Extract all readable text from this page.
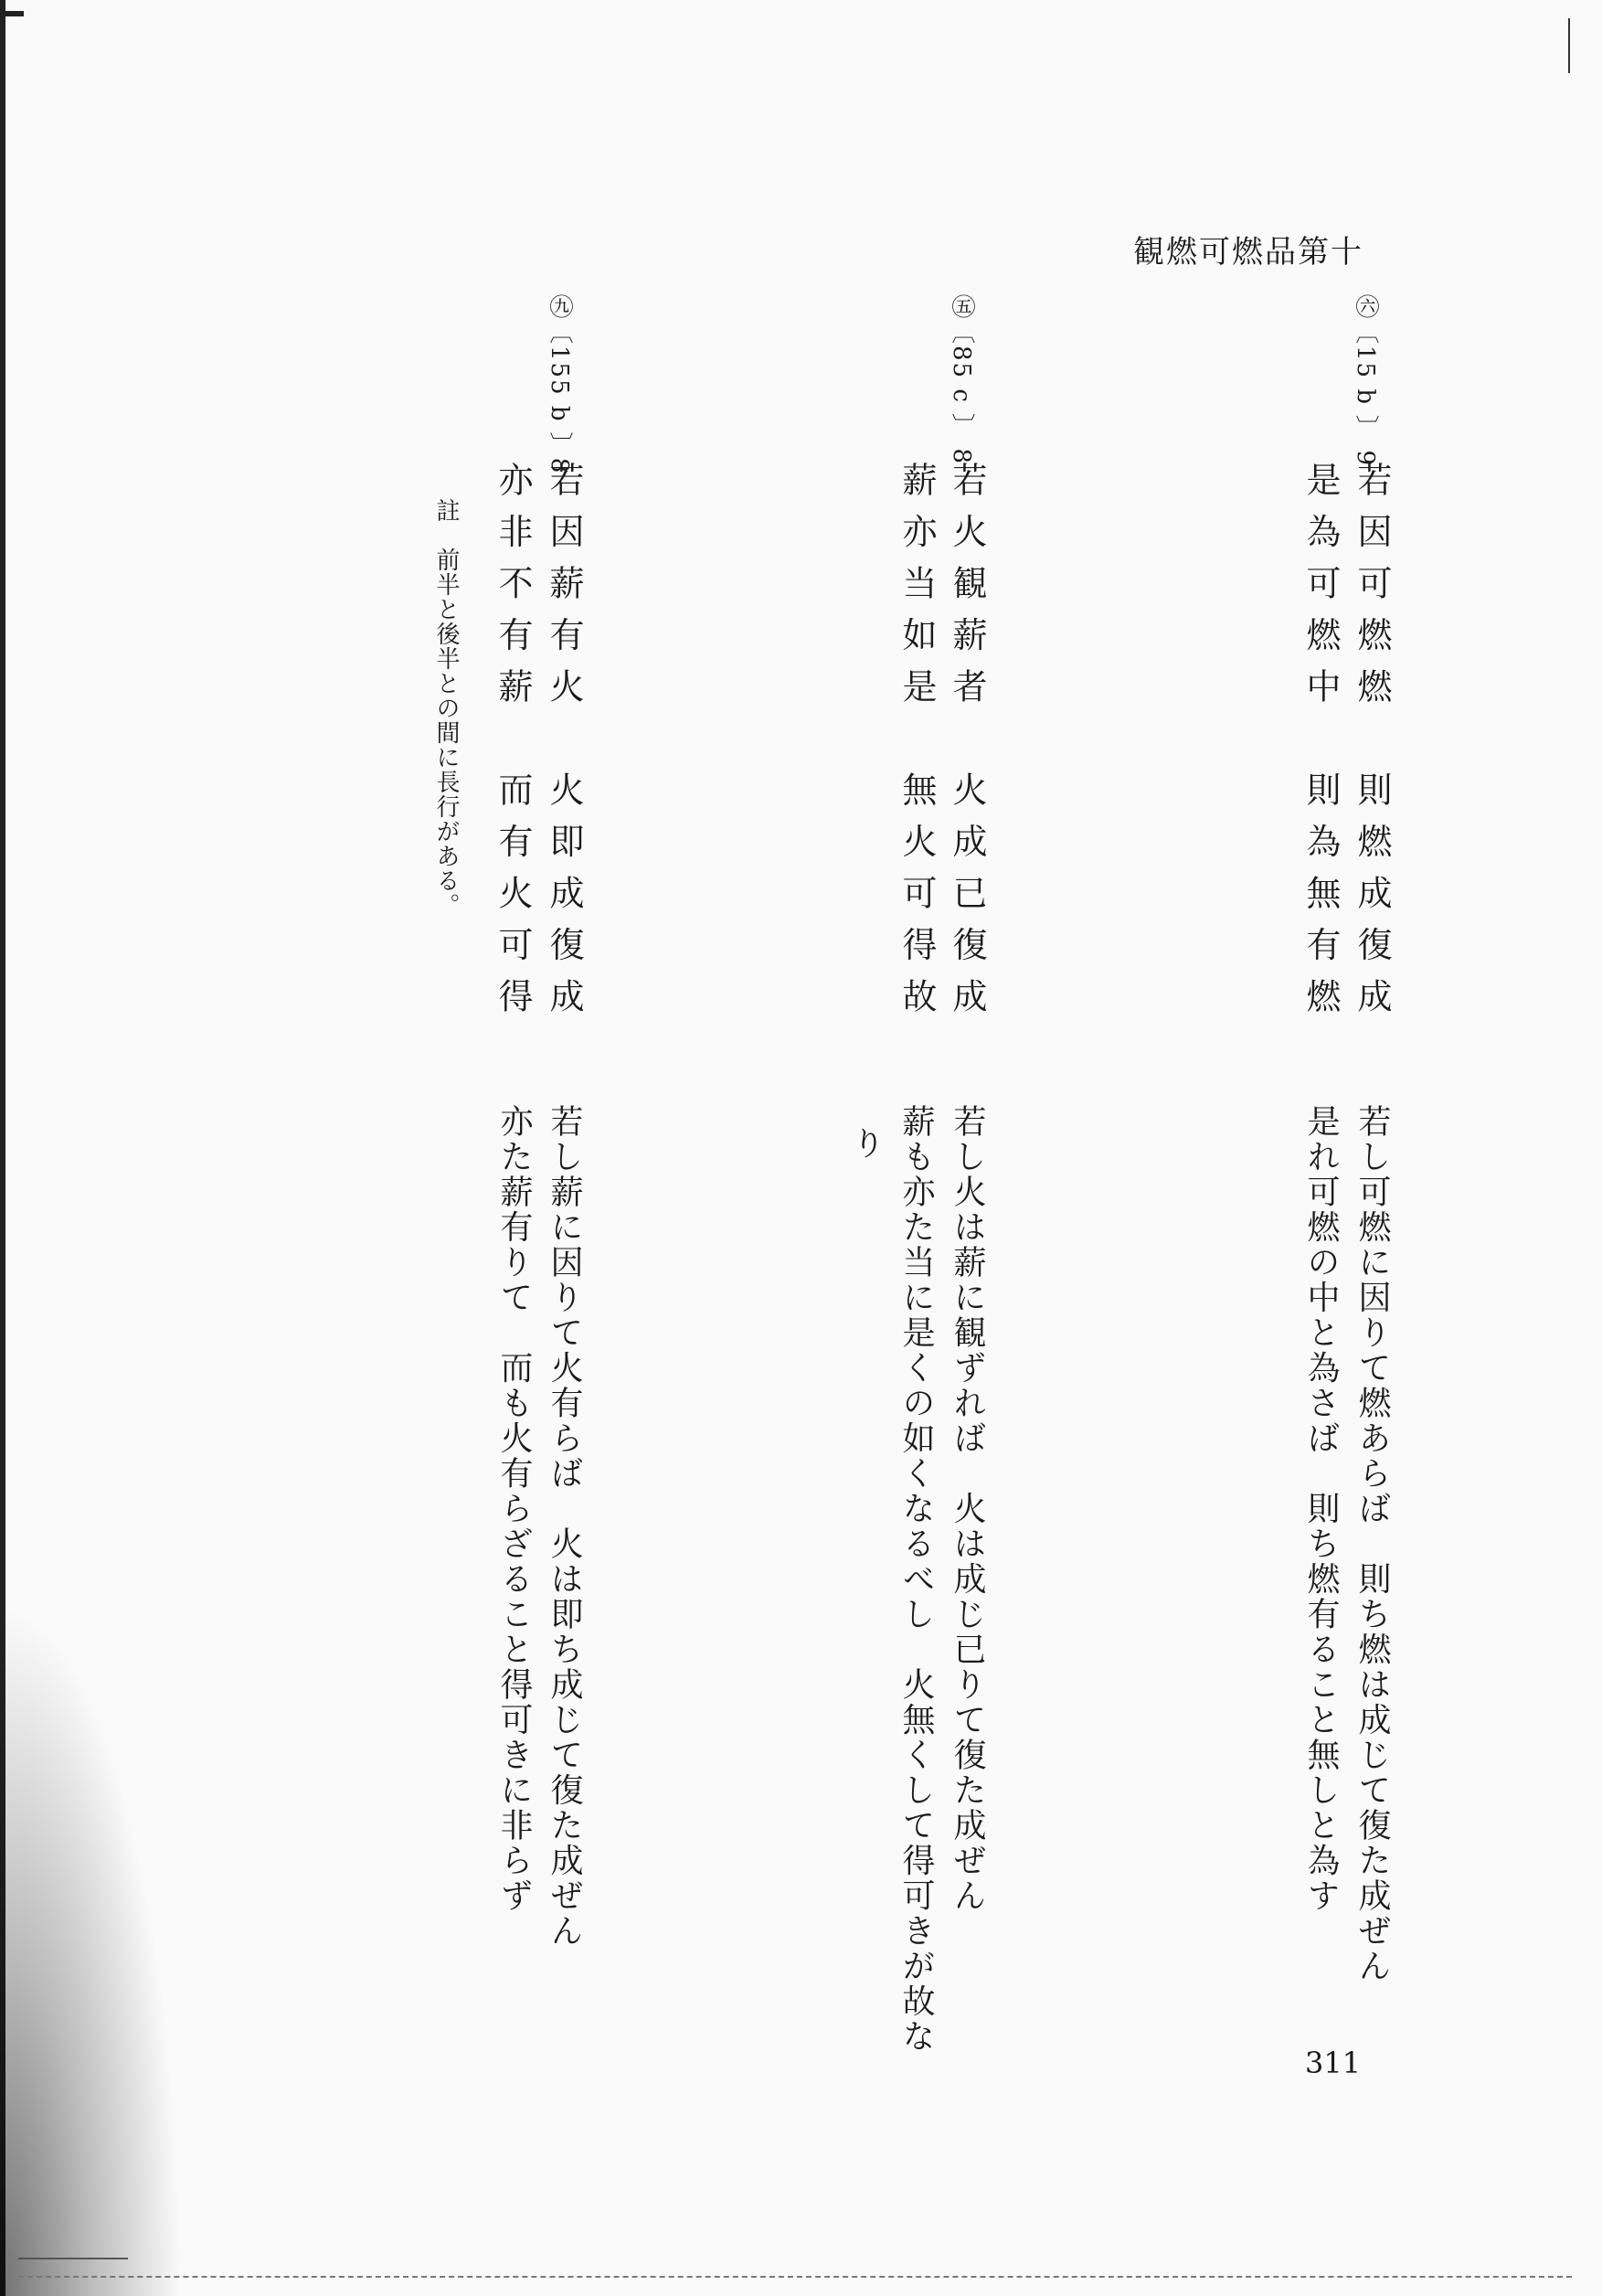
観燃可燃品第十
㊅〔15 b 〕 9
若因可燃燃　則燃成復成
是為可燃中　則為無有燃
㊄〔85 c 〕 8
若火観薪者　火成已復成
薪亦当如是　無火可得故
㊈〔155 b 〕8
若因薪有火　火即成復成
亦非不有薪　而有火可得
註　前半と後半との間に長行がある。
若し可燃に因りて燃あらば　則ち燃は成じて復た成ぜん
是れ可燃の中と為さば　則ち燃有ること無しと為す
若し火は薪に観ずれば　火は成じ已りて復た成ぜん
薪も亦た当に是くの如くなるべし　火無くして得可きが故な
り
若し薪に因りて火有らば　火は即ち成じて復た成ぜん
亦た薪有りて　而も火有らざること得可きに非らず
311
